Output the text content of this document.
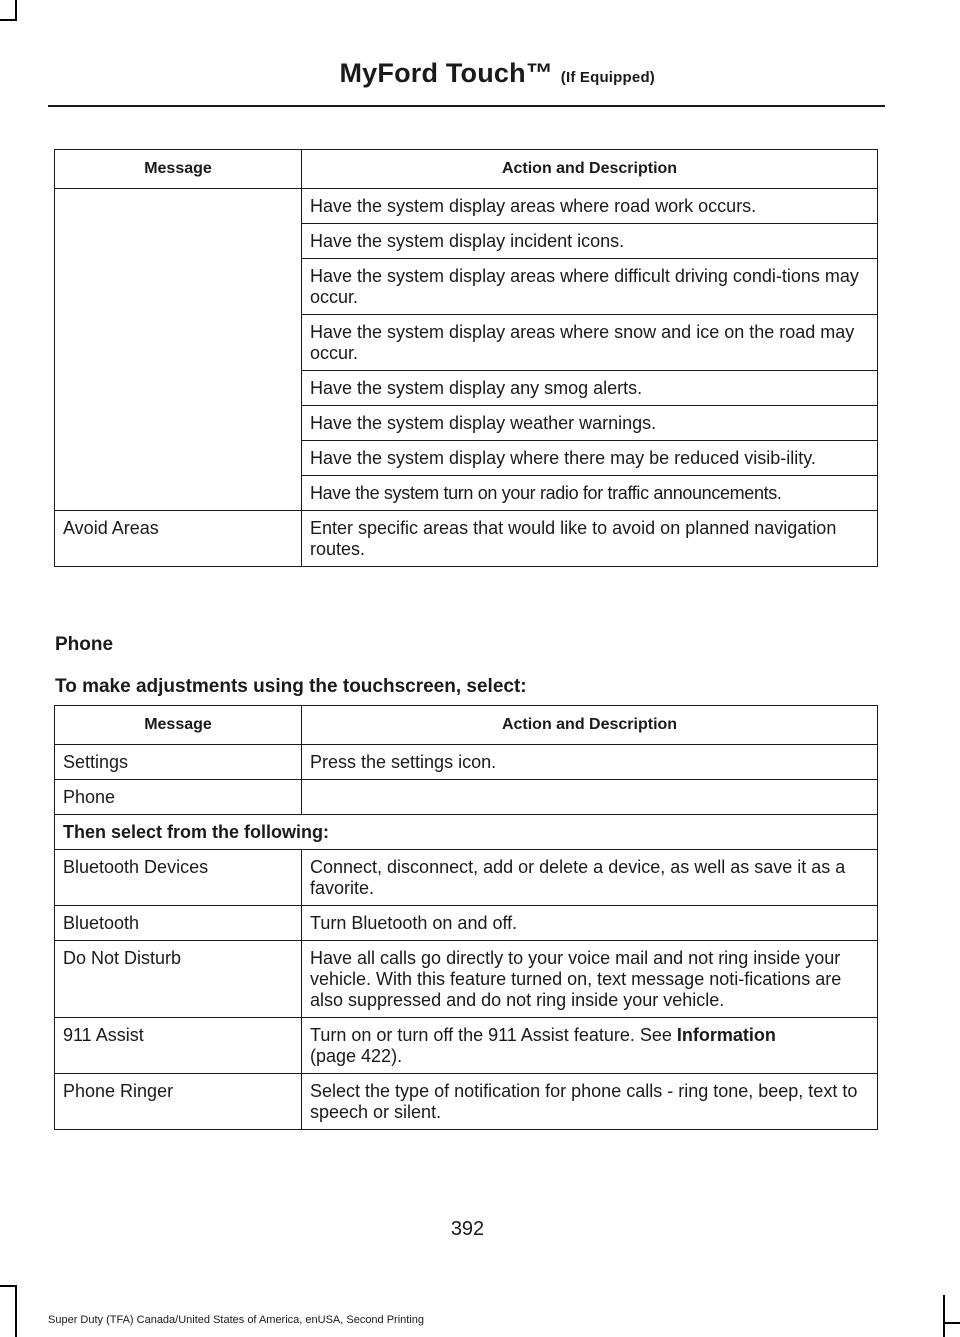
MyFord Touch™ (If Equipped)
Message	Action and Description
	Have the system display areas where road work occurs.
	Have the system display incident icons.
	Have the system display areas where difficult driving condi-tions may occur.
	Have the system display areas where snow and ice on the road may occur.
	Have the system display any smog alerts.
	Have the system display weather warnings.
	Have the system display where there may be reduced visib-ility.
	Have the system turn on your radio for traffic announcements.
Avoid Areas	Enter specific areas that would like to avoid on planned navigation routes.
Phone
To make adjustments using the touchscreen, select:
Message	Action and Description
Settings	Press the settings icon.
Phone	
Then select from the following:	
Bluetooth Devices	Connect, disconnect, add or delete a device, as well as save it as a favorite.
Bluetooth	Turn Bluetooth on and off.
Do Not Disturb	Have all calls go directly to your voice mail and not ring inside your vehicle. With this feature turned on, text message noti-fications are also suppressed and do not ring inside your vehicle.
911 Assist	Turn on or turn off the 911 Assist feature. See Information
(page 422).
Phone Ringer	Select the type of notification for phone calls - ring tone, beep, text to speech or silent.
392
Super Duty (TFA) Canada/United States of America, enUSA, Second Printing
